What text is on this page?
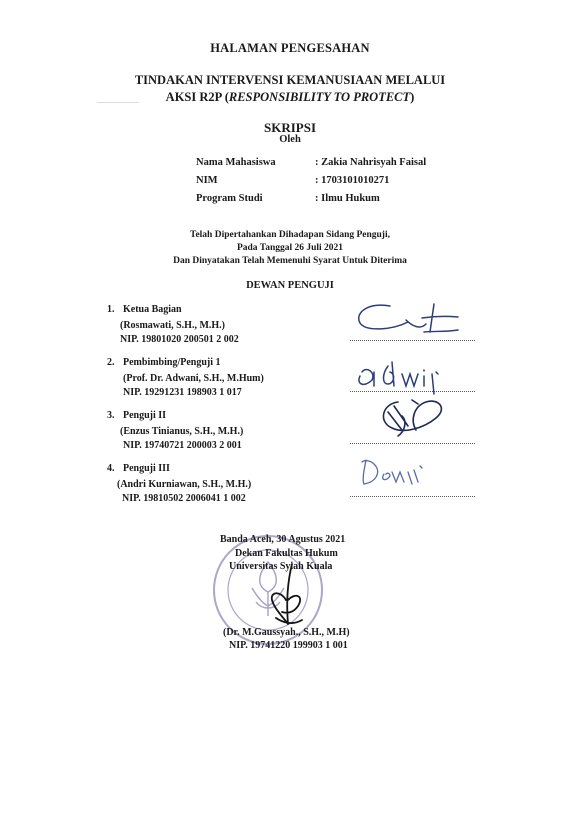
HALAMAN PENGESAHAN
TINDAKAN INTERVENSI KEMANUSIAAN MELALUI
AKSI R2P (RESPONSIBILITY TO PROTECT)
SKRIPSI
Oleh
Nama Mahasiswa	: Zakia Nahrisyah Faisal
NIM	: 1703101010271
Program Studi	: Ilmu Hukum
Telah Dipertahankan Dihadapan Sidang Penguji,
Pada Tanggal 26 Juli 2021
Dan Dinyatakan Telah Memenuhi Syarat Untuk Diterima
DEWAN PENGUJI
1. Ketua Bagian
(Rosmawati, S.H., M.H.)
NIP. 19801020 200501 2 002
2. Pembimbing/Penguji 1
(Prof. Dr. Adwani, S.H., M.Hum)
NIP. 19291231 198903 1 017
3. Penguji II
(Enzus Tinianus, S.H., M.H.)
NIP. 19740721 200003 2 001
4. Penguji III
(Andri Kurniawan, S.H., M.H.)
NIP. 19810502 2006041 1 002
Banda Aceh, 30 Agustus 2021
Dekan Fakultas Hukum
Universitas Syiah Kuala
(Dr. M.Gaussyah., S.H., M.H)
NIP. 19741220 199903 1 001
